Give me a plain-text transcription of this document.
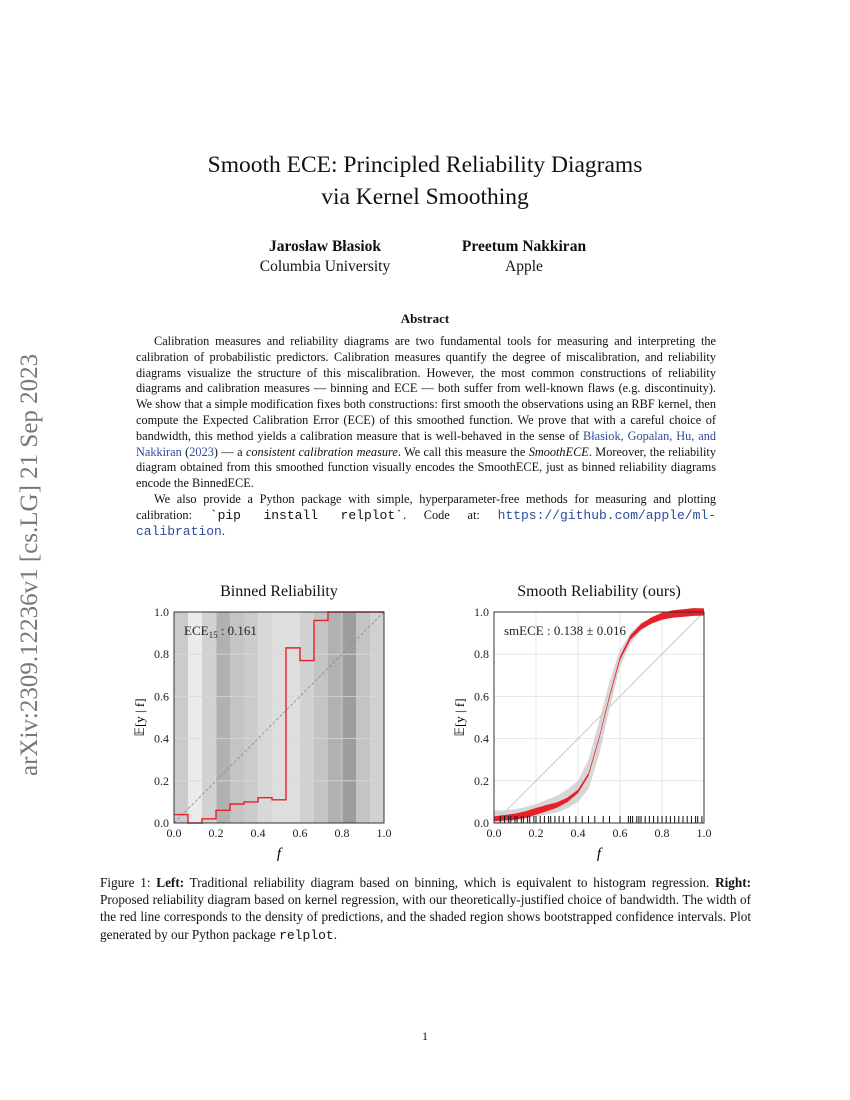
arXiv:2309.12236v1 [cs.LG] 21 Sep 2023
Smooth ECE: Principled Reliability Diagrams
via Kernel Smoothing
Jarosław Błasiok
Columbia University
Preetum Nakkiran
Apple
Abstract

Calibration measures and reliability diagrams are two fundamental tools for measuring and interpreting the calibration of probabilistic predictors. Calibration measures quantify the degree of miscalibration, and reliability diagrams visualize the structure of this miscalibration. However, the most common constructions of reliability diagrams and calibration measures — binning and ECE — both suffer from well-known flaws (e.g. discontinuity). We show that a simple modification fixes both constructions: first smooth the observations using an RBF kernel, then compute the Expected Calibration Error (ECE) of this smoothed function. We prove that with a careful choice of bandwidth, this method yields a calibration measure that is well-behaved in the sense of Błasiok, Gopalan, Hu, and Nakkiran (2023) — a consistent calibration measure. We call this measure the SmoothECE. Moreover, the reliability diagram obtained from this smoothed function visually encodes the SmoothECE, just as binned reliability diagrams encode the BinnedECE.

We also provide a Python package with simple, hyperparameter-free methods for measuring and plotting calibration: `pip install relplot`. Code at: https://github.com/apple/ml-calibration.

Binned Reliability	Smooth Reliability (ours)
0.0 0.2 0.4 0.6 0.8 1.0
0.0
0.2
0.4
0.6
0.8
1.0
$ECE_{15}$ : 0.161
f
𝔼[y | f]
0.0 0.2 0.4 0.6 0.8 1.0
0.0
0.2
0.4
0.6
0.8
1.0
smECE : 0.138 ± 0.016
f
𝔼[y | f]
Figure 1: Left: Traditional reliability diagram based on binning, which is equivalent to histogram regression. Right: Proposed reliability diagram based on kernel regression, with our theoretically-justified choice of bandwidth. The width of the red line corresponds to the density of predictions, and the shaded region shows bootstrapped confidence intervals. Plot generated by our Python package relplot.
1
